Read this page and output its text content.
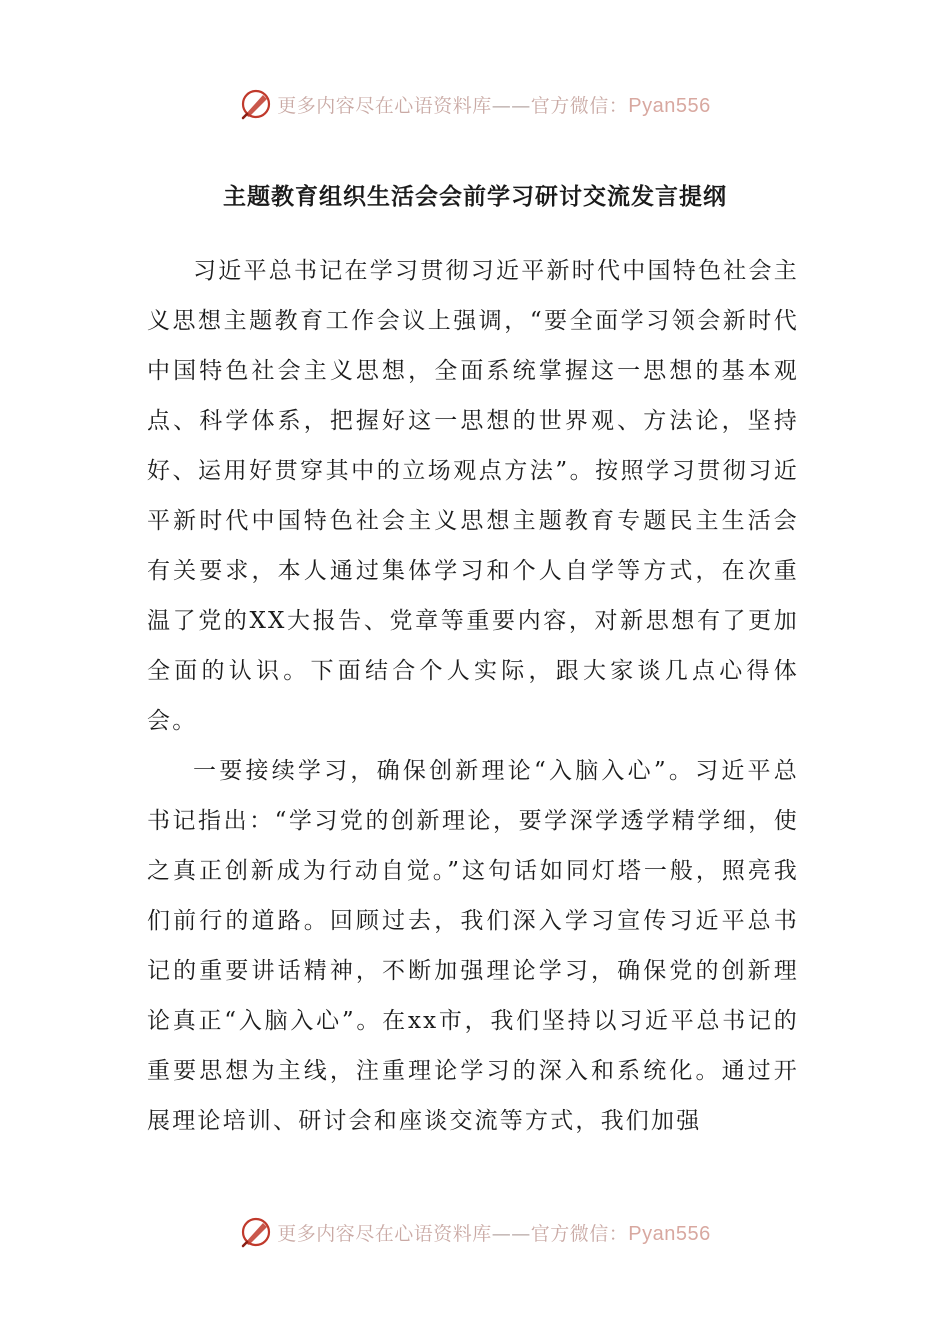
更多内容尽在心语资料库——官方微信：Pyan556
主题教育组织生活会会前学习研讨交流发言提纲

习近平总书记在学习贯彻习近平新时代中国特色社会主义思想主题教育工作会议上强调，“要全面学习领会新时代中国特色社会主义思想，全面系统掌握这一思想的基本观点、科学体系，把握好这一思想的世界观、方法论，坚持好、运用好贯穿其中的立场观点方法”。按照学习贯彻习近平新时代中国特色社会主义思想主题教育专题民主生活会有关要求，本人通过集体学习和个人自学等方式，在次重温了党的XX大报告、党章等重要内容，对新思想有了更加全面的认识。下面结合个人实际，跟大家谈几点心得体会。

一要接续学习，确保创新理论“入脑入心”。习近平总书记指出：“学习党的创新理论，要学深学透学精学细，使之真正创新成为行动自觉。”这句话如同灯塔一般，照亮我们前行的道路。回顾过去，我们深入学习宣传习近平总书记的重要讲话精神，不断加强理论学习，确保党的创新理论真正“入脑入心”。在xx市，我们坚持以习近平总书记的重要思想为主线，注重理论学习的深入和系统化。通过开展理论培训、研讨会和座谈交流等方式，我们加强

更多内容尽在心语资料库——官方微信：Pyan556
